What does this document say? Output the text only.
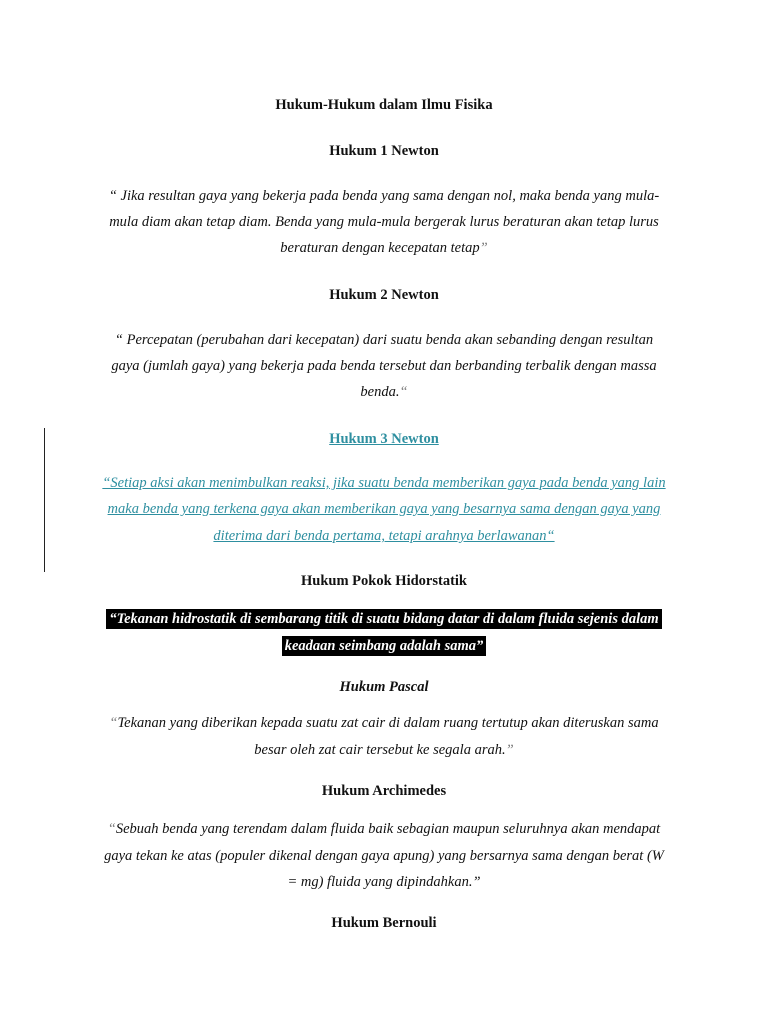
Hukum-Hukum dalam Ilmu Fisika
Hukum 1 Newton
“ Jika resultan gaya yang bekerja pada benda yang sama dengan nol, maka benda yang mula-
mula diam akan tetap diam. Benda yang mula-mula bergerak lurus beraturan akan tetap lurus
beraturan dengan kecepatan tetap”
Hukum 2 Newton
“ Percepatan (perubahan dari kecepatan) dari suatu benda akan sebanding dengan resultan
gaya (jumlah gaya) yang bekerja pada benda tersebut dan berbanding terbalik dengan massa
benda.“
Hukum 3 Newton
“Setiap aksi akan menimbulkan reaksi, jika suatu benda memberikan gaya pada benda yang lain
maka benda yang terkena gaya akan memberikan gaya yang besarnya sama dengan gaya yang
diterima dari benda pertama, tetapi arahnya berlawanan“
Hukum Pokok Hidorstatik
“Tekanan hidrostatik di sembarang titik di suatu bidang datar di dalam fluida sejenis dalam
keadaan seimbang adalah sama”
Hukum Pascal
“Tekanan yang diberikan kepada suatu zat cair di dalam ruang tertutup akan diteruskan sama
besar oleh zat cair tersebut ke segala arah.”
Hukum Archimedes
“Sebuah benda yang terendam dalam fluida baik sebagian maupun seluruhnya akan mendapat
gaya tekan ke atas (populer dikenal dengan gaya apung) yang bersarnya sama dengan berat (W
= mg) fluida yang dipindahkan.”
Hukum Bernouli
